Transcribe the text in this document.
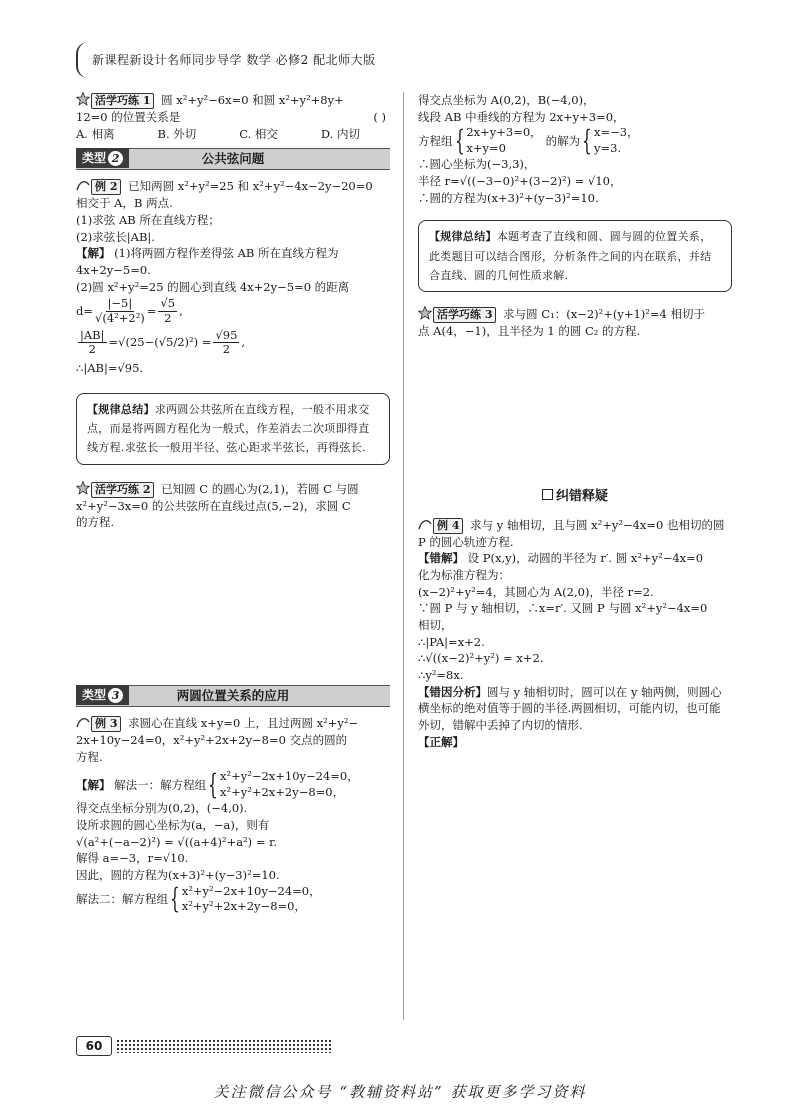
新课程新设计名师同步导学 数学 必修2 配北师大版

活学巧练 1 圆 x²+y²−6x=0 和圆 x²+y²+8y+

12=0 的位置关系是	( )
A. 相离	B. 外切	C. 相交	D. 内切
公共弦问题
类型 2

例 2 已知两圆 x²+y²=25 和 x²+y²−4x−2y−20=0

相交于 A，B 两点.

(1)求弦 AB 所在直线方程；

(2)求弦长|AB|.

【解】 (1)将两圆方程作差得弦 AB 所在直线方程为

4x+2y−5=0.

(2)圆 x²+y²=25 的圆心到直线 4x+2y−5=0 的距离

$d= \frac{|-5|}{\text{√(4²+2²)}} = \frac{√5}{2}$ ,
$\frac{|AB|}{2} =√(25-(√5/2)^2) = \frac{√95}{2}$ ,

∴|AB|=√95.

【规律总结】求两圆公共弦所在直线方程，一般不用求交点，而是将两圆方程化为一般式，作差消去二次项即得直线方程.求弦长一般用半径、弦心距求半弦长，再得弦长.

活学巧练 2 已知圆 C 的圆心为(2,1)，若圆 C 与圆

x²+y²−3x=0 的公共弦所在直线过点(5,−2)，求圆 C

的方程.

两圆位置关系的应用
类型 3

例 3 求圆心在直线 x+y=0 上，且过两圆 x²+y²−

2x+10y−24=0，x²+y²+2x+2y−8=0 交点的圆的

方程.

【解】
解法一：解方程组 { x²+y²−2x+10y−24=0，
x²+y²+2x+2y−8=0，

得交点坐标分别为(0,2)，(−4,0).

设所求圆的圆心坐标为(a，−a)，则有

√(a²+(−a−2)²) = √((a+4)²+a²) = r.

解得 a=−3，r=√10.

因此，圆的方程为(x+3)²+(y−3)²=10.

解法二：解方程组 { x²+y²−2x+10y−24=0，
x²+y²+2x+2y−8=0，

得交点坐标为 A(0,2)，B(−4,0)，

线段 AB 中垂线的方程为 2x+y+3=0，

方程组 { 2x+y+3=0，
x+y=0
的解为 { x=−3，
y=3.

∴圆心坐标为(−3,3)，

半径 r=√((−3−0)²+(3−2)²) = √10，

∴圆的方程为(x+3)²+(y−3)²=10.

【规律总结】本题考查了直线和圆、圆与圆的位置关系，此类题目可以结合图形，分析条件之间的内在联系，并结合直线、圆的几何性质求解.

活学巧练 3 求与圆 C₁：(x−2)²+(y+1)²=4 相切于

点 A(4，−1)，且半径为 1 的圆 C₂ 的方程.

纠错释疑

例 4 求与 y 轴相切，且与圆 x²+y²−4x=0 也相切的圆

P 的圆心轨迹方程.

【错解】 设 P(x,y)，动圆的半径为 r′. 圆 x²+y²−4x=0

化为标准方程为：

(x−2)²+y²=4，其圆心为 A(2,0)，半径 r=2.

∵圆 P 与 y 轴相切，∴x=r′. 又圆 P 与圆 x²+y²−4x=0

相切，

∴|PA|=x+2.

∴√((x−2)²+y²) = x+2.

∴y²=8x.

【错因分析】圆与 y 轴相切时，圆可以在 y 轴两侧，则圆心横坐标的绝对值等于圆的半径.两圆相切，可能内切，也可能外切，错解中丢掉了内切的情形.

【正解】

60
关注微信公众号 “教辅资料站” 获取更多学习资料
